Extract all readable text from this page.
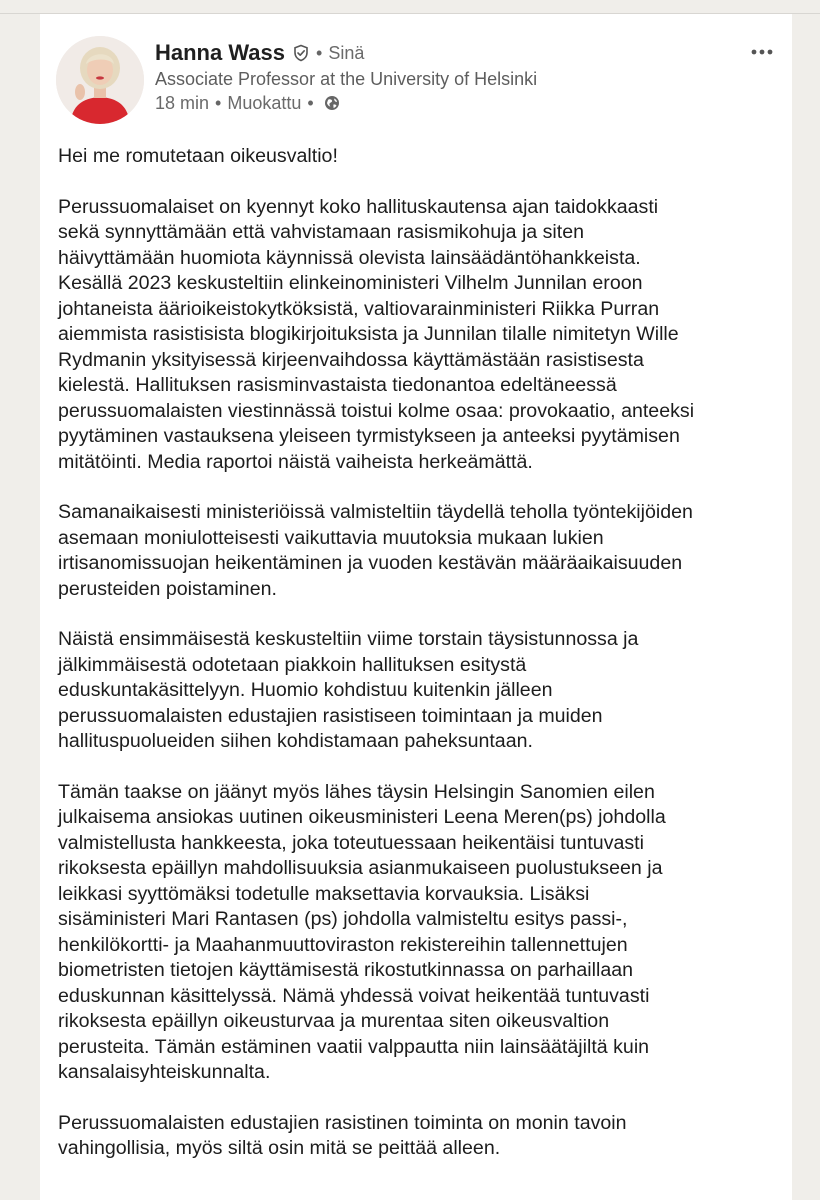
Hanna Wass • Sinä
Associate Professor at the University of Helsinki
18 min • Muokattu •

Hei me romutetaan oikeusvaltio!

Perussuomalaiset on kyennyt koko hallituskautensa ajan taidokkaasti
sekä synnyttämään että vahvistamaan rasismikohuja ja siten
häivyttämään huomiota käynnissä olevista lainsäädäntöhankkeista.
Kesällä 2023 keskusteltiin elinkeinoministeri Vilhelm Junnilan eroon
johtaneista äärioikeistokytköksistä, valtiovarainministeri Riikka Purran
aiemmista rasistisista blogikirjoituksista ja Junnilan tilalle nimitetyn Wille
Rydmanin yksityisessä kirjeenvaihdossa käyttämästään rasistisesta
kielestä. Hallituksen rasisminvastaista tiedonantoa edeltäneessä
perussuomalaisten viestinnässä toistui kolme osaa: provokaatio, anteeksi
pyytäminen vastauksena yleiseen tyrmistykseen ja anteeksi pyytämisen
mitätöinti. Media raportoi näistä vaiheista herkeämättä.

Samanaikaisesti ministeriöissä valmisteltiin täydellä teholla työntekijöiden
asemaan moniulotteisesti vaikuttavia muutoksia mukaan lukien
irtisanomissuojan heikentäminen ja vuoden kestävän määräaikaisuuden
perusteiden poistaminen.

Näistä ensimmäisestä keskusteltiin viime torstain täysistunnossa ja
jälkimmäisestä odotetaan piakkoin hallituksen esitystä
eduskuntakäsittelyyn. Huomio kohdistuu kuitenkin jälleen
perussuomalaisten edustajien rasistiseen toimintaan ja muiden
hallituspuolueiden siihen kohdistamaan paheksuntaan.

Tämän taakse on jäänyt myös lähes täysin Helsingin Sanomien eilen
julkaisema ansiokas uutinen oikeusministeri Leena Meren(ps) johdolla
valmistellusta hankkeesta, joka toteutuessaan heikentäisi tuntuvasti
rikoksesta epäillyn mahdollisuuksia asianmukaiseen puolustukseen ja
leikkasi syyttömäksi todetulle maksettavia korvauksia. Lisäksi
sisäministeri Mari Rantasen (ps) johdolla valmisteltu esitys passi-,
henkilökortti- ja Maahanmuuttoviraston rekistereihin tallennettujen
biometristen tietojen käyttämisestä rikostutkinnassa on parhaillaan
eduskunnan käsittelyssä. Nämä yhdessä voivat heikentää tuntuvasti
rikoksesta epäillyn oikeusturvaa ja murentaa siten oikeusvaltion
perusteita. Tämän estäminen vaatii valppautta niin lainsäätäjiltä kuin
kansalaisyhteiskunnalta.

Perussuomalaisten edustajien rasistinen toiminta on monin tavoin
vahingollisia, myös siltä osin mitä se peittää alleen.
